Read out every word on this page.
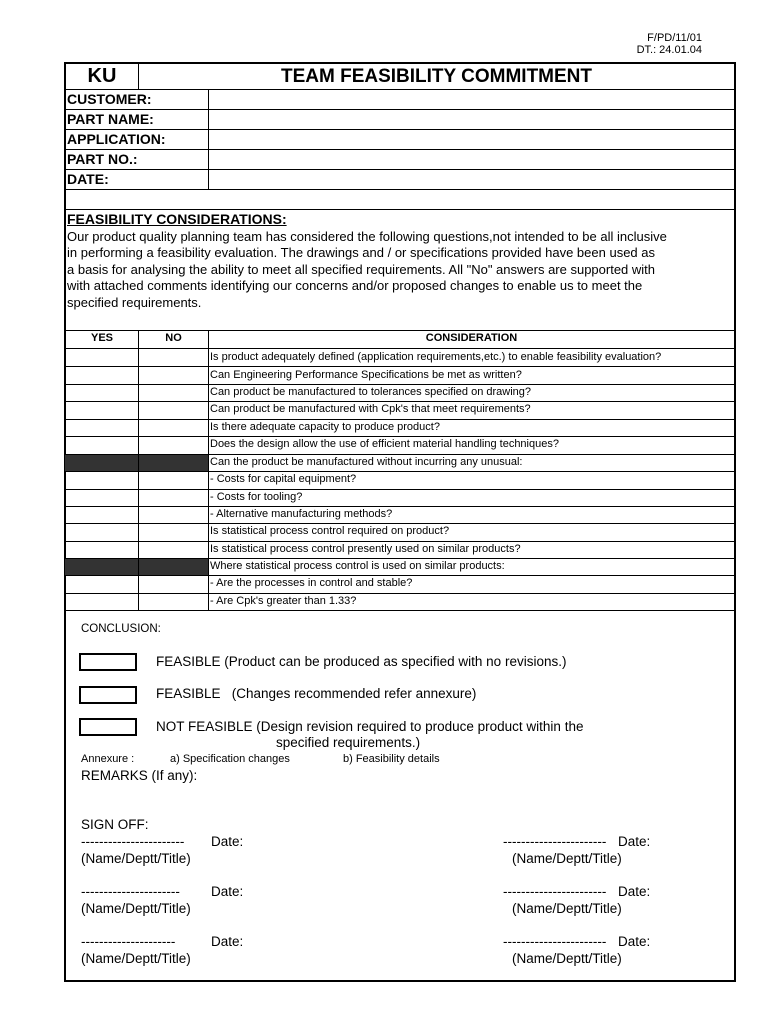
F/PD/11/01
DT.: 24.01.04
KU	TEAM FEASIBILITY COMMITMENT
CUSTOMER:
PART NAME:
APPLICATION:
PART NO.:
DATE:
FEASIBILITY CONSIDERATIONS:
Our product quality planning team has considered the following questions,not intended to be all inclusive
in performing a feasibility evaluation. The drawings and / or specifications provided have been used as
a basis for analysing the ability to meet all specified requirements. All "No" answers are supported with
with attached comments identifying our concerns and/or proposed changes to enable us to meet the
specified requirements.
YES	NO	CONSIDERATION
Is product adequately defined (application requirements,etc.) to enable feasibility evaluation?
Can Engineering Performance Specifications be met as written?
Can product be manufactured to tolerances specified on drawing?
Can product be manufactured with Cpk's that meet requirements?
Is there adequate capacity to produce product?
Does the design allow the use of efficient material handling techniques?
Can the product be manufactured without incurring any unusual:
- Costs for capital equipment?
- Costs for tooling?
- Alternative manufacturing methods?
Is statistical process control required on product?
Is statistical process control presently used on similar products?
Where statistical process control is used on similar products:
- Are the processes in control and stable?
- Are Cpk's greater than 1.33?
CONCLUSION:
FEASIBLE (Product can be produced as specified with no revisions.)
FEASIBLE   (Changes recommended refer annexure)
NOT FEASIBLE (Design revision required to produce product within the
specified requirements.)
Annexure :	a) Specification changes	b) Feasibility details
REMARKS (If any):
SIGN OFF:
----------------------- Date:	----------------------- Date:
(Name/Deptt/Title)	(Name/Deptt/Title)
---------------------- Date:	----------------------- Date:
(Name/Deptt/Title)	(Name/Deptt/Title)
---------------------	Date:	----------------------- Date:
(Name/Deptt/Title)	(Name/Deptt/Title)
